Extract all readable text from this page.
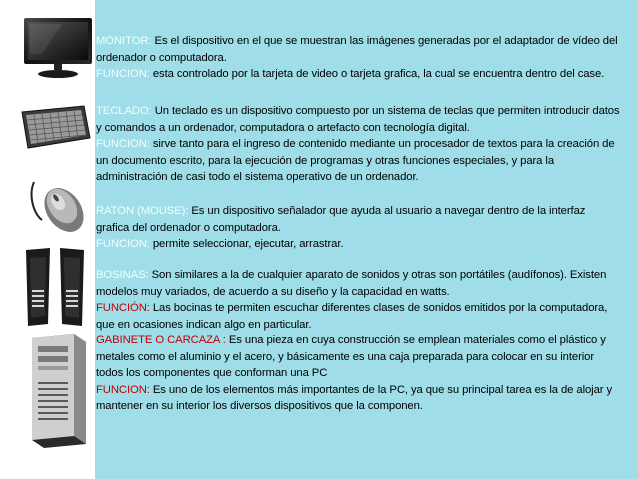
MONITOR: Es el dispositivo en el que se muestran las imágenes generadas por el adaptador de vídeo del ordenador o computadora.
FUNCION: esta controlado por la tarjeta de video o tarjeta grafica, la cual se encuentra dentro del case.
TECLADO: Un teclado es un dispositivo compuesto por un sistema de teclas que permiten introducir datos y comandos a un ordenador, computadora o artefacto con tecnología digital.
FUNCION: sirve tanto para el ingreso de contenido mediante un procesador de textos para la creación de un documento escrito, para la ejecución de programas y otras funciones especiales, y para la administración de casi todo el sistema operativo de un ordenador.
RATON (MOUSE): Es un dispositivo señalador que ayuda al usuario a navegar dentro de la interfaz grafica del ordenador o computadora.
FUNCION: permite seleccionar, ejecutar, arrastrar.
BOSINAS: Son similares a la de cualquier aparato de sonidos y otras son portátiles (audífonos). Existen modelos muy variados, de acuerdo a su diseño y la capacidad en watts.
FUNCIÓN: Las bocinas te permiten escuchar diferentes clases de sonidos emitidos por la computadora, que en ocasiones indican algo en particular.
GABINETE O CARCAZA : Es una pieza en cuya construcción se emplean materiales como el plástico y metales como el aluminio y el acero, y básicamente es una caja preparada para colocar en su interior todos los componentes que conforman una PC
FUNCION: Es uno de los elementos más importantes de la PC, ya que su principal tarea es la de alojar y mantener en su interior los diversos dispositivos que la componen.
